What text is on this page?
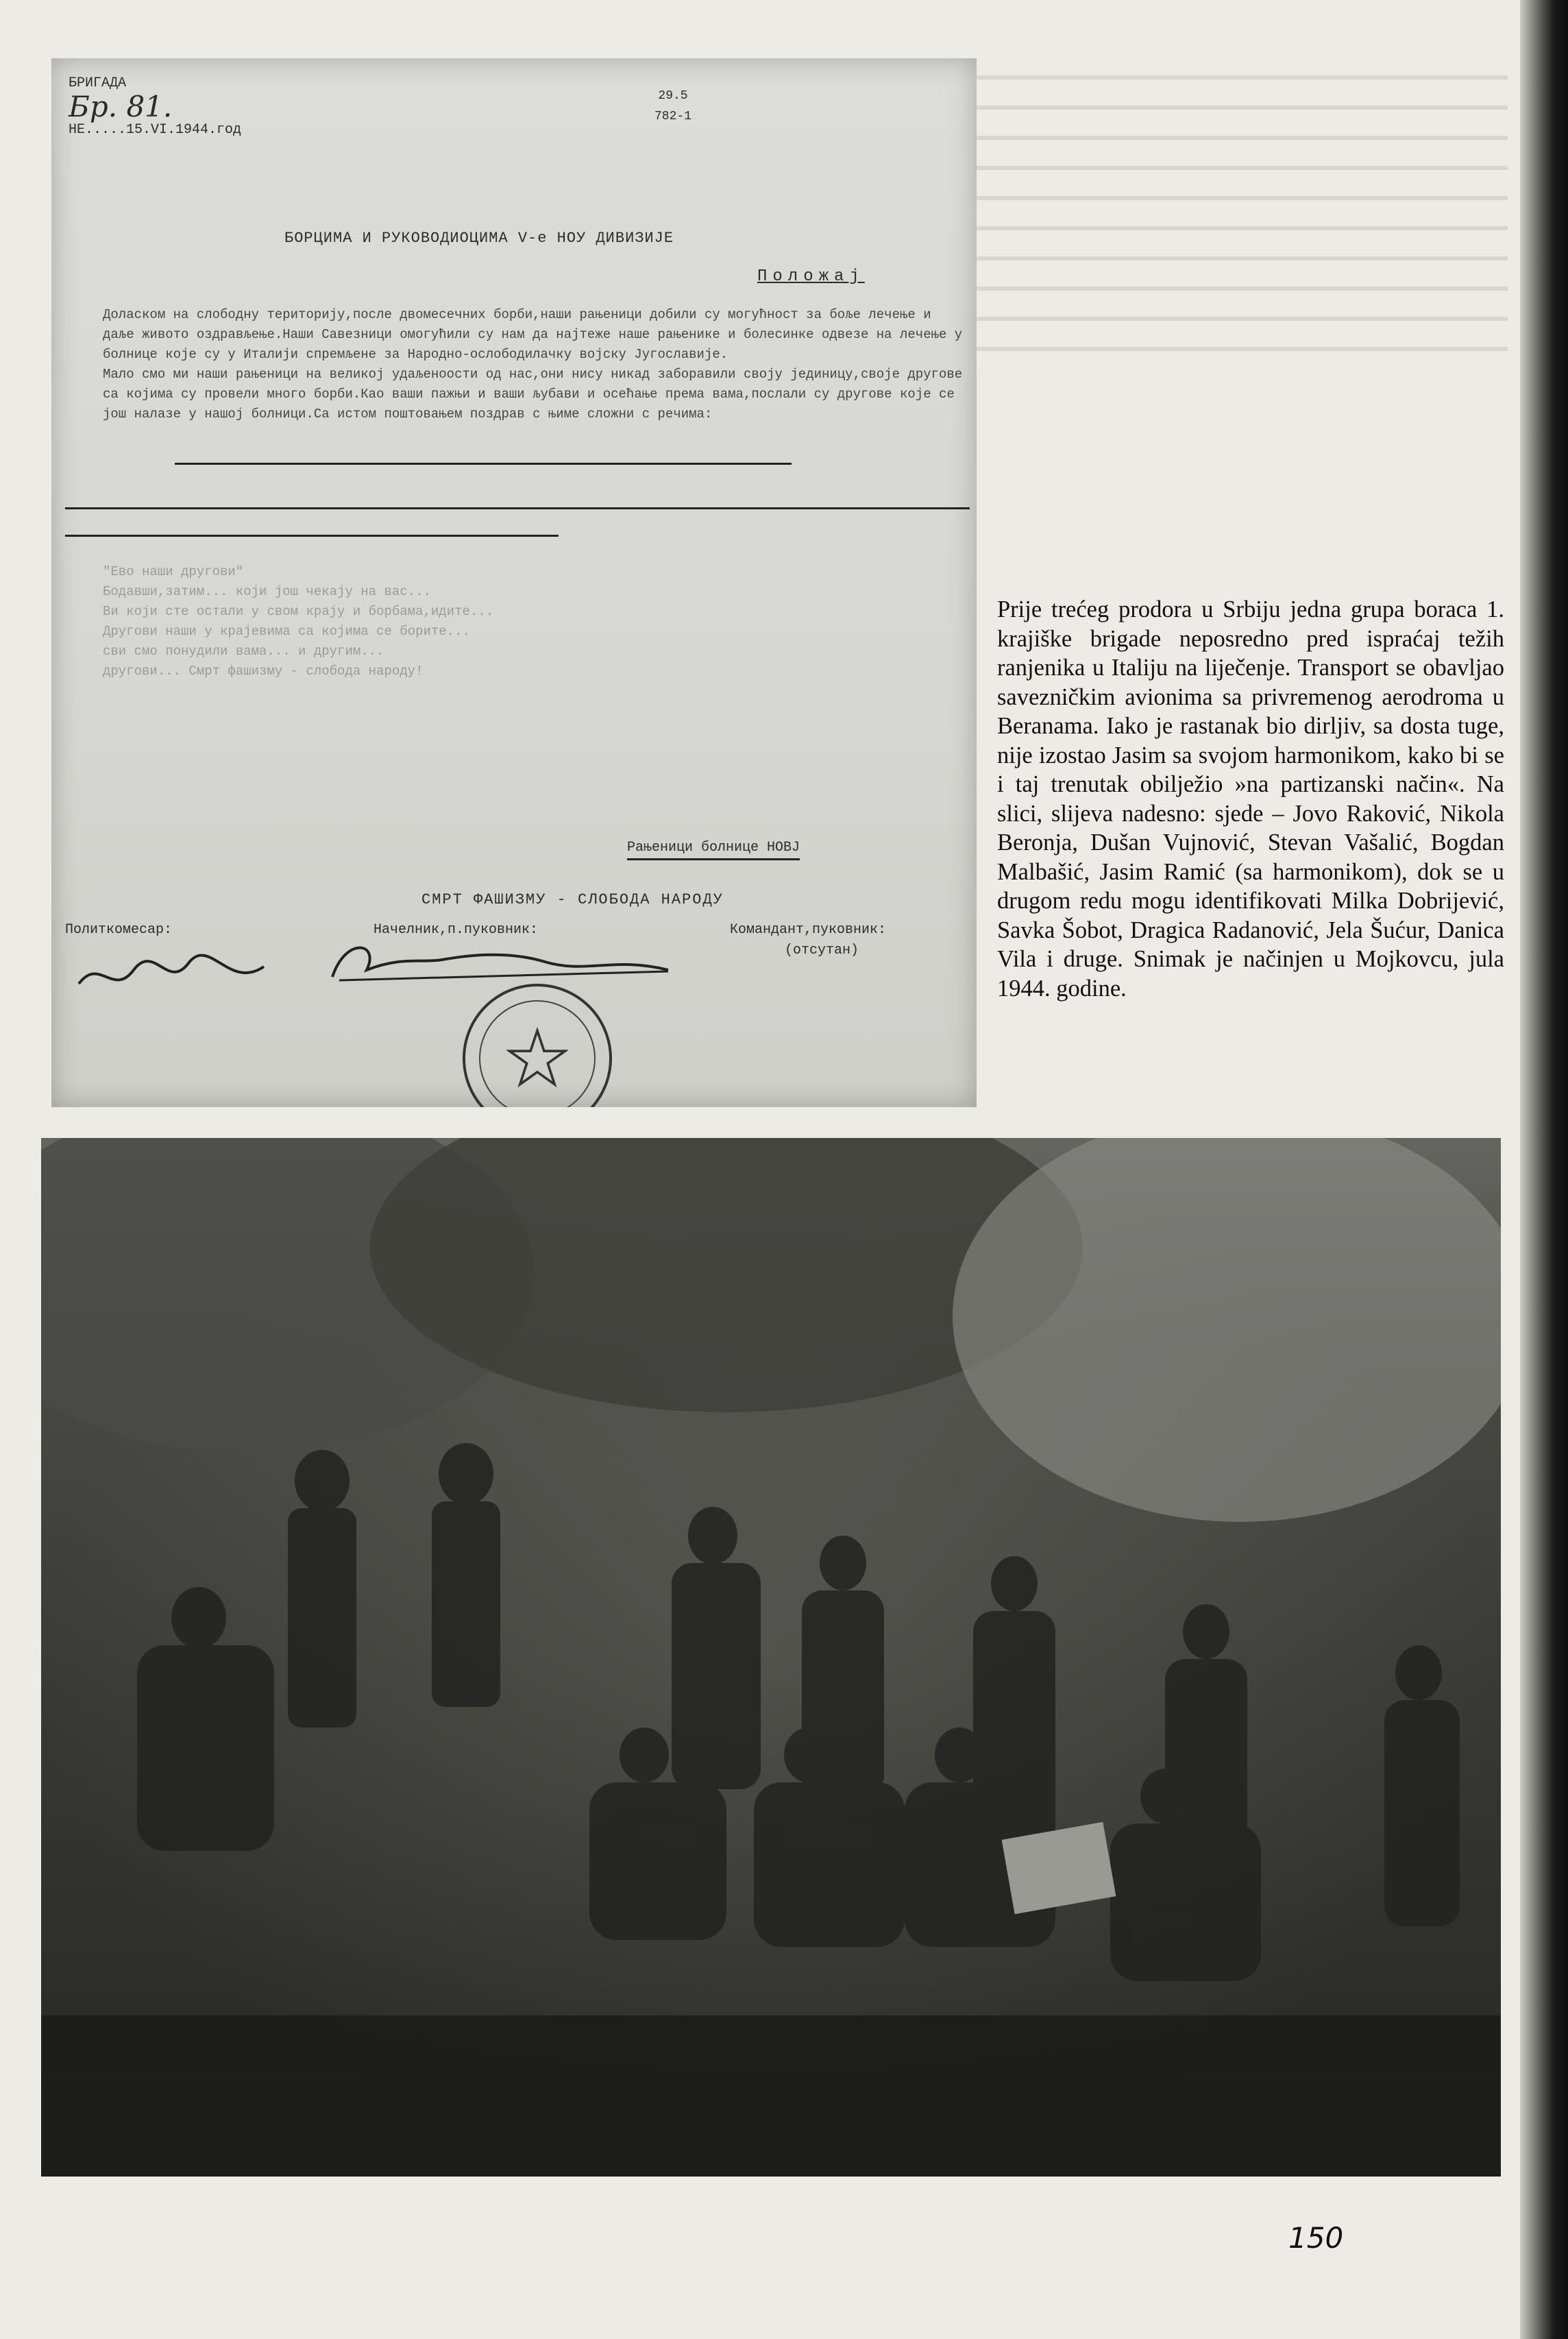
БРИГАДА
Бр. 81.
НЕ.....15.VI.1944.год
29.5
782-1
БОРЦИМА И РУКОВОДИОЦИМА V-е НОУ ДИВИЗИЈЕ
Положај
Доласком на слободну територију,после двомесечних борби,наши рањеници добили су могућност за боље лечење и даље живото оздрављење.Наши Савезници омогућили су нам да најтеже наше рањенике и болесинке одвезе на лечење у болнице које су у Италији спремљене за Народно-ослободилачку војску Југославије.
Мало смо ми наши рањеници на великој удаљеноости од нас,они нису никад заборавили своју јединицу,своје другове са којима су провели много борби.Као ваши пажњи и ваши љубави и осећање према вама,послали су другове које се још налазе у нашој болници.Са истом поштовањем поздрав с њиме сложни с речима:
"Ево наши другови"
Бодавши,затим... који још чекају на вас...
Ви који сте остали у свом крају и борбама,идите...
Другови наши у крајевима са којима се борите...
сви смо понудили вама... и другим...
другови... Смрт фашизму - слобода народу!
Рањеници болнице НОВЈ
СМРТ ФАШИЗМУ - СЛОБОДА НАРОДУ
Политкомесар:	Начелник,п.пуковник:	Командант,пуковник:
(отсутан)
Prije trećeg prodora u Srbiju jedna grupa boraca 1. krajiške brigade neposredno pred ispraćaj težih ranjenika u Italiju na liječenje. Transport se obavljao savezničkim avionima sa privremenog aerodroma u Beranama. Iako je rastanak bio dirljiv, sa dosta tuge, nije izostao Jasim sa svojom harmonikom, kako bi se i taj trenutak obilježio »na partizanski način«. Na slici, slijeva nadesno: sjede – Jovo Raković, Nikola Beronja, Dušan Vujnović, Stevan Vašalić, Bogdan Malbašić, Jasim Ramić (sa harmonikom), dok se u drugom redu mogu identifikovati Milka Dobrijević, Savka Šobot, Dragica Radanović, Jela Šućur, Danica Vila i druge. Snimak je načinjen u Mojkovcu, jula 1944. godine.
150
